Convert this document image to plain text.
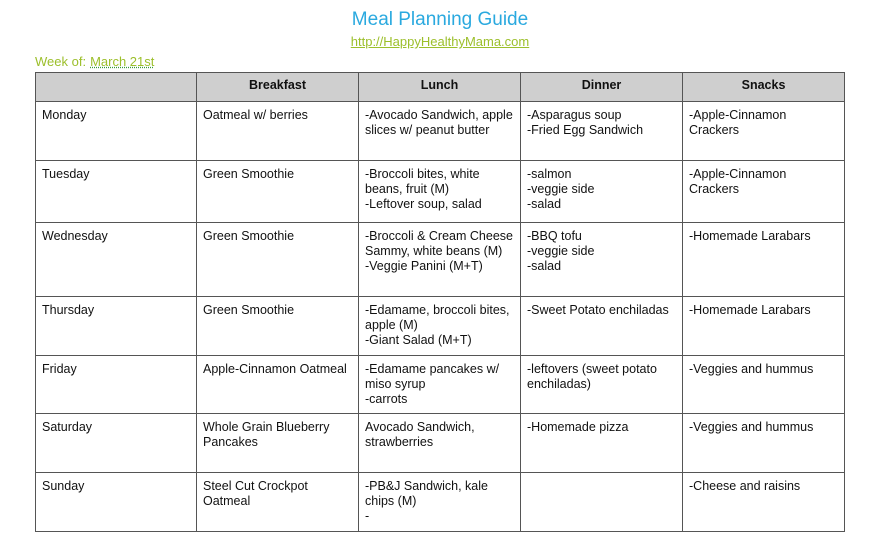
Meal Planning Guide
http://HappyHealthyMama.com
Week of: March 21st
	Breakfast	Lunch	Dinner	Snacks

Monday	Oatmeal w/ berries	-Avocado Sandwich, apple
slices w/ peanut butter	-Asparagus soup
-Fried Egg Sandwich	-Apple-Cinnamon
Crackers

Tuesday	Green Smoothie	-Broccoli bites, white
beans, fruit (M)
-Leftover soup, salad	-salmon
-veggie side
-salad	-Apple-Cinnamon
Crackers

Wednesday	Green Smoothie	-Broccoli & Cream Cheese
Sammy, white beans (M)
-Veggie Panini (M+T)	-BBQ tofu
-veggie side
-salad	-Homemade Larabars

Thursday	Green Smoothie	-Edamame, broccoli bites,
apple (M)
-Giant Salad (M+T)	-Sweet Potato enchiladas	-Homemade Larabars

Friday	Apple-Cinnamon Oatmeal	-Edamame pancakes w/
miso syrup
-carrots	-leftovers (sweet potato
enchiladas)	-Veggies and hummus

Saturday	Whole Grain Blueberry
Pancakes	Avocado Sandwich,
strawberries	-Homemade pizza	-Veggies and hummus

Sunday	Steel Cut Crockpot
Oatmeal	-PB&J Sandwich, kale
chips (M)
-		-Cheese and raisins
